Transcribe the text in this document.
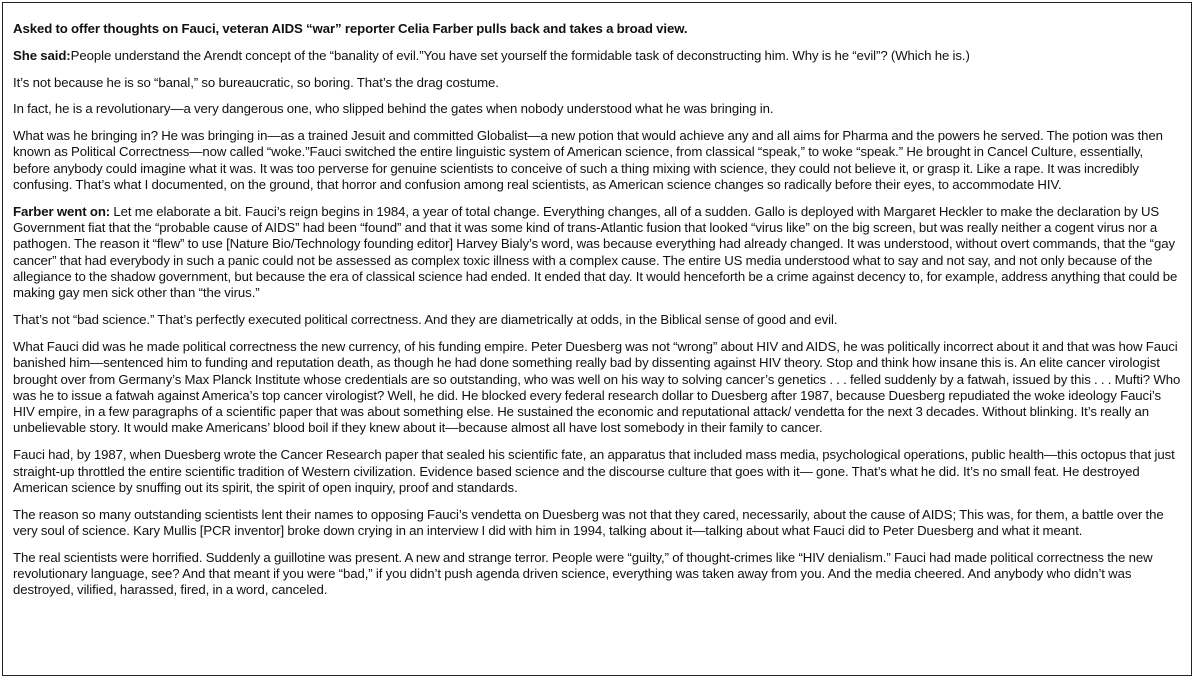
Asked to offer thoughts on Fauci, veteran AIDS “war” reporter Celia Farber pulls back and takes a broad view.

She said:People understand the Arendt concept of the “banality of evil.”You have set yourself the formidable task of deconstructing him. Why is he “evil”? (Which he is.)

It’s not because he is so “banal,” so bureaucratic, so boring. That’s the drag costume.

In fact, he is a revolutionary—a very dangerous one, who slipped behind the gates when nobody understood what he was bringing in.

What was he bringing in? He was bringing in—as a trained Jesuit and committed Globalist—a new potion that would achieve any and all aims for Pharma and the powers he served. The potion was then known as Political Correctness—now called “woke.”Fauci switched the entire linguistic system of American science, from classical “speak,” to woke “speak.” He brought in Cancel Culture, essentially, before anybody could imagine what it was. It was too perverse for genuine scientists to conceive of such a thing mixing with science, they could not believe it, or grasp it. Like a rape. It was incredibly confusing. That’s what I documented, on the ground, that horror and confusion among real scientists, as American science changes so radically before their eyes, to accommodate HIV.

Farber went on: Let me elaborate a bit. Fauci’s reign begins in 1984, a year of total change. Everything changes, all of a sudden. Gallo is deployed with Margaret Heckler to make the declaration by US Government fiat that the “probable cause of AIDS” had been “found” and that it was some kind of trans-Atlantic fusion that looked “virus like” on the big screen, but was really neither a cogent virus nor a pathogen. The reason it “flew” to use [Nature Bio/Technology founding editor] Harvey Bialy’s word, was because everything had already changed. It was understood, without overt commands, that the “gay cancer” that had everybody in such a panic could not be assessed as complex toxic illness with a complex cause. The entire US media understood what to say and not say, and not only because of the allegiance to the shadow government, but because the era of classical science had ended. It ended that day. It would henceforth be a crime against decency to, for example, address anything that could be making gay men sick other than “the virus.”

That’s not “bad science.” That’s perfectly executed political correctness. And they are diametrically at odds, in the Biblical sense of good and evil.

What Fauci did was he made political correctness the new currency, of his funding empire. Peter Duesberg was not “wrong” about HIV and AIDS, he was politically incorrect about it and that was how Fauci banished him—sentenced him to funding and reputation death, as though he had done something really bad by dissenting against HIV theory. Stop and think how insane this is. An elite cancer virologist brought over from Germany’s Max Planck Institute whose credentials are so outstanding, who was well on his way to solving cancer’s genetics . . . felled suddenly by a fatwah, issued by this . . . Mufti? Who was he to issue a fatwah against America’s top cancer virologist? Well, he did. He blocked every federal research dollar to Duesberg after 1987, because Duesberg repudiated the woke ideology Fauci’s HIV empire, in a few paragraphs of a scientific paper that was about something else. He sustained the economic and reputational attack/ vendetta for the next 3 decades. Without blinking. It’s really an unbelievable story. It would make Americans’ blood boil if they knew about it—because almost all have lost somebody in their family to cancer.

Fauci had, by 1987, when Duesberg wrote the Cancer Research paper that sealed his scientific fate, an apparatus that included mass media, psychological operations, public health—this octopus that just straight-up throttled the entire scientific tradition of Western civilization. Evidence based science and the discourse culture that goes with it— gone. That’s what he did. It’s no small feat. He destroyed American science by snuffing out its spirit, the spirit of open inquiry, proof and standards.

The reason so many outstanding scientists lent their names to opposing Fauci’s vendetta on Duesberg was not that they cared, necessarily, about the cause of AIDS; This was, for them, a battle over the very soul of science. Kary Mullis [PCR inventor] broke down crying in an interview I did with him in 1994, talking about it—talking about what Fauci did to Peter Duesberg and what it meant.

The real scientists were horrified. Suddenly a guillotine was present. A new and strange terror. People were “guilty,” of thought-crimes like “HIV denialism.” Fauci had made political correctness the new revolutionary language, see? And that meant if you were “bad,” if you didn’t push agenda driven science, everything was taken away from you. And the media cheered. And anybody who didn’t was destroyed, vilified, harassed, fired, in a word, canceled.
